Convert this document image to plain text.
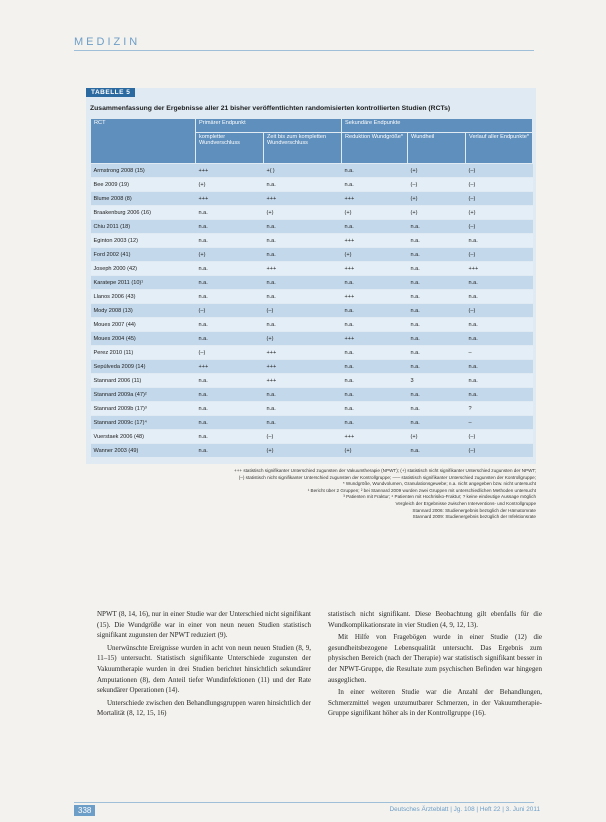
MEDIZIN
TABELLE 5
Zusammenfassung der Ergebnisse aller 21 bisher veröffentlichten randomisierten kontrollierten Studien (RCTs)
RCT	Primärer Endpunkt		Sekundäre Endpunkte		
	kompletter Wundverschluss	Zeit bis zum kompletten Wundverschluss	Reduktion Wundgröße*	Wundheil	Verlauf aller Endpunkte*
Armstrong 2008 (15)	+++	+( )	n.a.	(+)	(–)
Bee 2009 (19)	(+)	n.a.	n.a.	(–)	(–)
Blume 2008 (8)	+++	+++	+++	(+)	(–)
Braakenburg 2006 (16)	n.a.	(+)	(+)	(+)	(+)
Chiu 2011 (18)	n.a.	n.a.	n.a.	n.a.	(–)
Eginton 2003 (12)	n.a.	n.a.	+++	n.a.	n.a.
Ford 2002 (41)	(+)	n.a.	(+)	n.a.	(–)
Joseph 2000 (42)	n.a.	+++	+++	n.a.	+++
Karatepe 2011 (10)¹	n.a.	n.a.	n.a.	n.a.	n.a.
Llanos 2006 (43)	n.a.	n.a.	+++	n.a.	n.a.
Mody 2008 (13)	(–)	(–)	n.a.	n.a.	(–)
Moues 2007 (44)	n.a.	n.a.	n.a.	n.a.	n.a.
Moues 2004 (45)	n.a.	(+)	+++	n.a.	n.a.
Perez 2010 (11)	(–)	+++	n.a.	n.a.	–
Sepúlveda 2009 (14)	+++	+++	n.a.	n.a.	n.a.
Stannard 2006 (11)	n.a.	+++	n.a.	3	n.a.
Stannard 2009a (47)²	n.a.	n.a.	n.a.	n.a.	n.a.
Stannard 2009b (17)³	n.a.	n.a.	n.a.	n.a.	?
Stannard 2009c (17)⁴	n.a.	n.a.	n.a.	n.a.	–
Vuerstaek 2006 (48)	n.a.	(–)	+++	(+)	(–)
Wanner 2003 (49)	n.a.	(+)	(+)	n.a.	(–)
+++ statistisch signifikanter Unterschied zugunsten der Vakuumtherapie (NPWT); (+) statistisch nicht signifikanter Unterschied zugunsten der NPWT;
(–) statistisch nicht signifikanter Unterschied zugunsten der Kontrollgruppe; ––– statistisch signifikanter Unterschied zugunsten der Kontrollgruppe;
* Wundgröße, Wundvolumen, Granulationsgewebe; n.a. nicht angegeben bzw. nicht untersucht
¹ Bericht über 2 Gruppen; ² bei Stannard 2009 wurden zwei Gruppen mit unterschiedlichen Methoden untersucht
³ Patienten mit Fraktur; ⁴ Patienten mit Hochrisiko-Fraktur; ? keine eindeutige Aussage möglich
Vergleich der Ergebnisse zwischen Interventions- und Kontrollgruppe
Stannard 2006: Studienergebnis bezüglich der Hämatomrate
Stannard 2009: Studienergebnis bezüglich der Infektionsrate

NPWT (8, 14, 16), nur in einer Studie war der Unterschied nicht signifikant (15). Die Wundgröße war in einer von neun neuen Studien statistisch signifikant zugunsten der NPWT reduziert (9).

Unerwünschte Ereignisse wurden in acht von neun neuen Studien (8, 9, 11–15) untersucht. Statistisch signifikante Unterschiede zugunsten der Vakuumtherapie wurden in drei Studien berichtet hinsichtlich sekundärer Amputationen (8), dem Anteil tiefer Wundinfektionen (11) und der Rate sekundärer Operationen (14).

Unterschiede zwischen den Behandlungsgruppen waren hinsichtlich der Mortalität (8, 12, 15, 16)

statistisch nicht signifikant. Diese Beobachtung gilt ebenfalls für die Wundkomplikationsrate in vier Studien (4, 9, 12, 13).

Mit Hilfe von Fragebögen wurde in einer Studie (12) die gesundheitsbezogene Lebensqualität untersucht. Das Ergebnis zum physischen Bereich (nach der Therapie) war statistisch signifikant besser in der NPWT-Gruppe, die Resultate zum psychischen Befinden war hingegen ausgeglichen.

In einer weiteren Studie war die Anzahl der Behandlungen, Schmerzmittel wegen unzumutbarer Schmerzen, in der Vakuumtherapie-Gruppe signifikant höher als in der Kontrollgruppe (16).

338	Deutsches Ärzteblatt | Jg. 108 | Heft 22 | 3. Juni 2011
